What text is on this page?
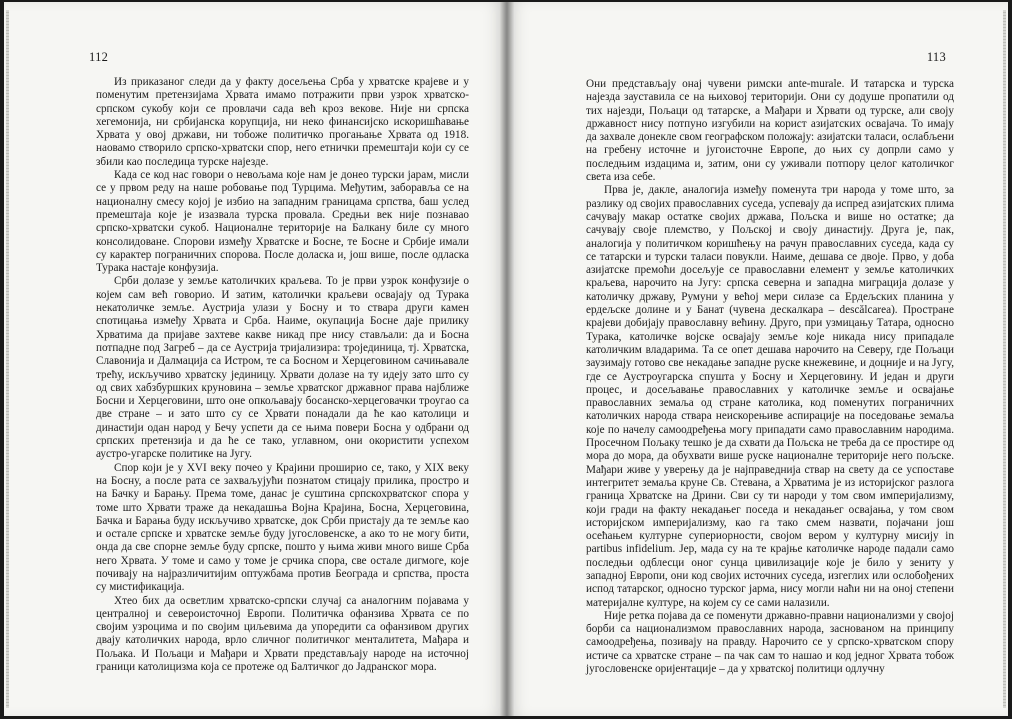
112

Из приказаног следи да у факту досељења Срба у хрватске крајеве и у поменутим претензијама Хрвата имамо потражити први узрок хрватско-српском сукобу који се провлачи сада већ кроз векове. Није ни српска хегемонија, ни србијанска корупција, ни неко финансијско искоришћавање Хрвата у овој држави, ни тобоже политичко прогањање Хрвата од 1918. наовамо створило српско-хрватски спор, него етнички премештаји који су се збили као последица турске најезде.

Када се код нас говори о невољама које нам је донео турски јарам, мисли се у првом реду на наше робовање под Турцима. Међутим, заборавља се на националну смесу којој је избио на западним границама српства, баш услед премештаја које је изазвала турска провала. Средњи век није познавао српско-хрватски сукоб. Националне територије на Балкану биле су много консолидоване. Спорови између Хрватске и Босне, те Босне и Србије имали су карактер пограничних спорова. После доласка и, још више, после одласка Турака настаје конфузија.

Срби долазе у земље католичких краљева. То је први узрок конфузије о којем сам већ говорио. И затим, католички краљеви освајају од Турака некатоличке земље. Аустрија улази у Босну и то ствара други камен спотицања између Хрвата и Срба. Наиме, окупација Босне даје прилику Хрватима да пријаве захтеве какве никад пре нису стављали: да и Босна потпадне под Загреб – да се Аустрија тријализира: тројединица, тј. Хрватска, Славонија и Далмација са Истром, те са Босном и Херцеговином сачињавале трећу, искључиво хрватску јединицу. Хрвати долазе на ту идеју зато што су од свих хабзбуршких круновина – земље хрватског државног права најближе Босни и Херцеговини, што оне опкољавају босанско-херцеговачки троугао са две стране – и зато што су се Хрвати понадали да ће као католици и династији одан народ у Бечу успети да се њима повери Босна у одбрани од српских претензија и да ће се тако, углавном, они окористити успехом аустро-угарске политике на Југу.

Спор који је у XVI веку почео у Крајини проширио се, тако, у XIX веку на Босну, а после рата се захваљујући познатом стицају прилика, прострo и на Бачку и Барању. Према томе, данас је суштина српскохрватског спора у томе што Хрвати траже да некадашња Војна Крајина, Босна, Херцеговина, Бачка и Барања буду искључиво хрватске, док Срби пристају да те земље као и остале српске и хрватске земље буду југословенске, а ако то не могу бити, онда да све спорне земље буду српске, пошто у њима живи много више Срба него Хрвата. У томе и само у томе је срчика спора, све остале дигмоге, које почивају на најразличитијим оптужбама против Београда и српства, проста су мистификација.

Хтео бих да осветлим хрватско-српски случај са аналогним појавама у централној и североисточној Европи. Политичка офанзива Хрвата се по својим узроцима и по својим циљевима да упоредити са офанзивом других двају католичких народа, врло сличног политичког менталитета, Мађара и Пољака. И Пољаци и Мађари и Хрвати представљају народе на источној граници католицизма која се протеже од Балтичког до Јадранског мора.

113

Они представљају онај чувени римски ante-murale. И татарска и турска најезда зауставила се на њиховој територији. Они су додуше пропатили од тих најезди, Пољаци од татарске, а Мађари и Хрвати од турске, али своју државност нису потпуно изгубили на корист азијатских освајача. То имају да захвале донекле свом географском положају: азијатски таласи, ослабљени на гребену источне и југоисточне Европе, до њих су допрли само у последњим издацима и, затим, они су уживали потпору целог католичког света иза себе.

Прва је, дакле, аналогија између поменута три народа у томе што, за разлику од својих православних суседа, успевају да испред азијатских плима сачувају макар остатке својих држава, Пољска и више но остатке; да сачувају своје племство, у Пољској и своју династију. Друга је, пак, аналогија у политичком коришћењу на рачун православних суседа, када су се татарски и турски таласи повукли. Наиме, дешава се двоје. Прво, у доба азијатске премоћи досељује се православни елемент у земље католичких краљева, нарочито на Југу: српска северна и западна миграција долазе у католичку државу, Румуни у већој мери силазе са Ердељских планина у ердељске долине и у Банат (чувена дескалкара – descălcarea). Простране крајеви добијају православну већину. Друго, при узмицању Татара, односно Турака, католичке војске освајају земље које никада нису припадале католичким владарима. Та се опет дешава нарочито на Северу, где Пољаци заузимају готово све некадање западне руске кнежевине, и доцније и на Југу, где се Аустроугарска спушта у Босну и Херцеговину. И један и други процес, и досељавање православних у католичке земље и освајање православних земаља од стране католика, код поменутих пограничних католичких народа ствара неискорењиве аспирације на поседовање земаља које по начелу самоодређења могу припадати само православним народима. Просечном Пољаку тешко је да схвати да Пољска не треба да се простире од мора до мора, да обухвати више руске националне територије него пољске. Мађари живе у уверењу да је најправеднија ствар на свету да се успоставе интегритет земаља круне Св. Стевана, а Хрватима је из историјског разлога граница Хрватске на Дрини. Сви су ти народи у том свом империјализму, који гради на факту некадањег поседа и некадањег освајања, у том свом историјском империјализму, као га тако смем назвати, појачани још осећањем културне супериорности, својом вером у културну мисију in partibus infidelium. Јер, мада су на те крајње католичке народе падали само последњи одблесци оног сунца цивилизације које је било у зениту у западној Европи, они код својих источних суседа, изгеглих или ослобођених испод татарског, односно турског јарма, нису могли наћи ни на оној степени материјалне културе, на којем су се сами налазили.

Није ретка појава да се поменути државно-правни национализми у својој борби са национализмом православних народа, заснованом на принципу самоодређења, позивају на правду. Нарочито се у српско-хрватском спору истиче са хрватске стране – па чак сам то нашао и код једног Хрвата тобож југословенске оријентације – да у хрватској политици одлучну
